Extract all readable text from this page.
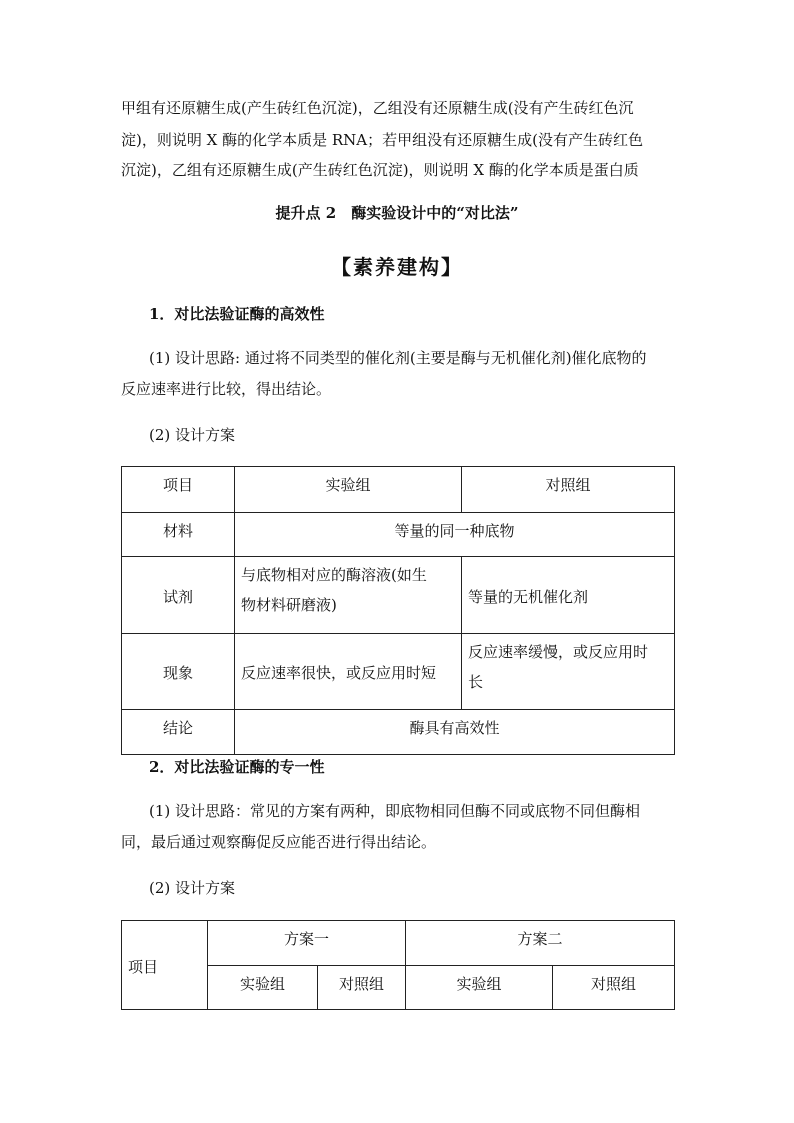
甲组有还原糖生成(产生砖红色沉淀)，乙组没有还原糖生成(没有产生砖红色沉
淀)，则说明 X 酶的化学本质是 RNA；若甲组没有还原糖生成(没有产生砖红色
沉淀)，乙组有还原糖生成(产生砖红色沉淀)，则说明 X 酶的化学本质是蛋白质
提升点 2　酶实验设计中的“对比法”
【素养建构】
1．对比法验证酶的高效性
(1) 设计思路: 通过将不同类型的催化剂(主要是酶与无机催化剂)催化底物的
反应速率进行比较，得出结论。
(2) 设计方案
项目	实验组	对照组
材料	等量的同一种底物	
试剂	与底物相对应的酶溶液(如生
物材料研磨液)	等量的无机催化剂

现象	反应速率很快，或反应用时短	反应速率缓慢，或反应用时
长

结论	酶具有高效性	
2．对比法验证酶的专一性
(1) 设计思路：常见的方案有两种，即底物相同但酶不同或底物不同但酶相
同，最后通过观察酶促反应能否进行得出结论。
(2) 设计方案
项目	方案一		方案二	
	实验组	对照组	实验组	对照组
